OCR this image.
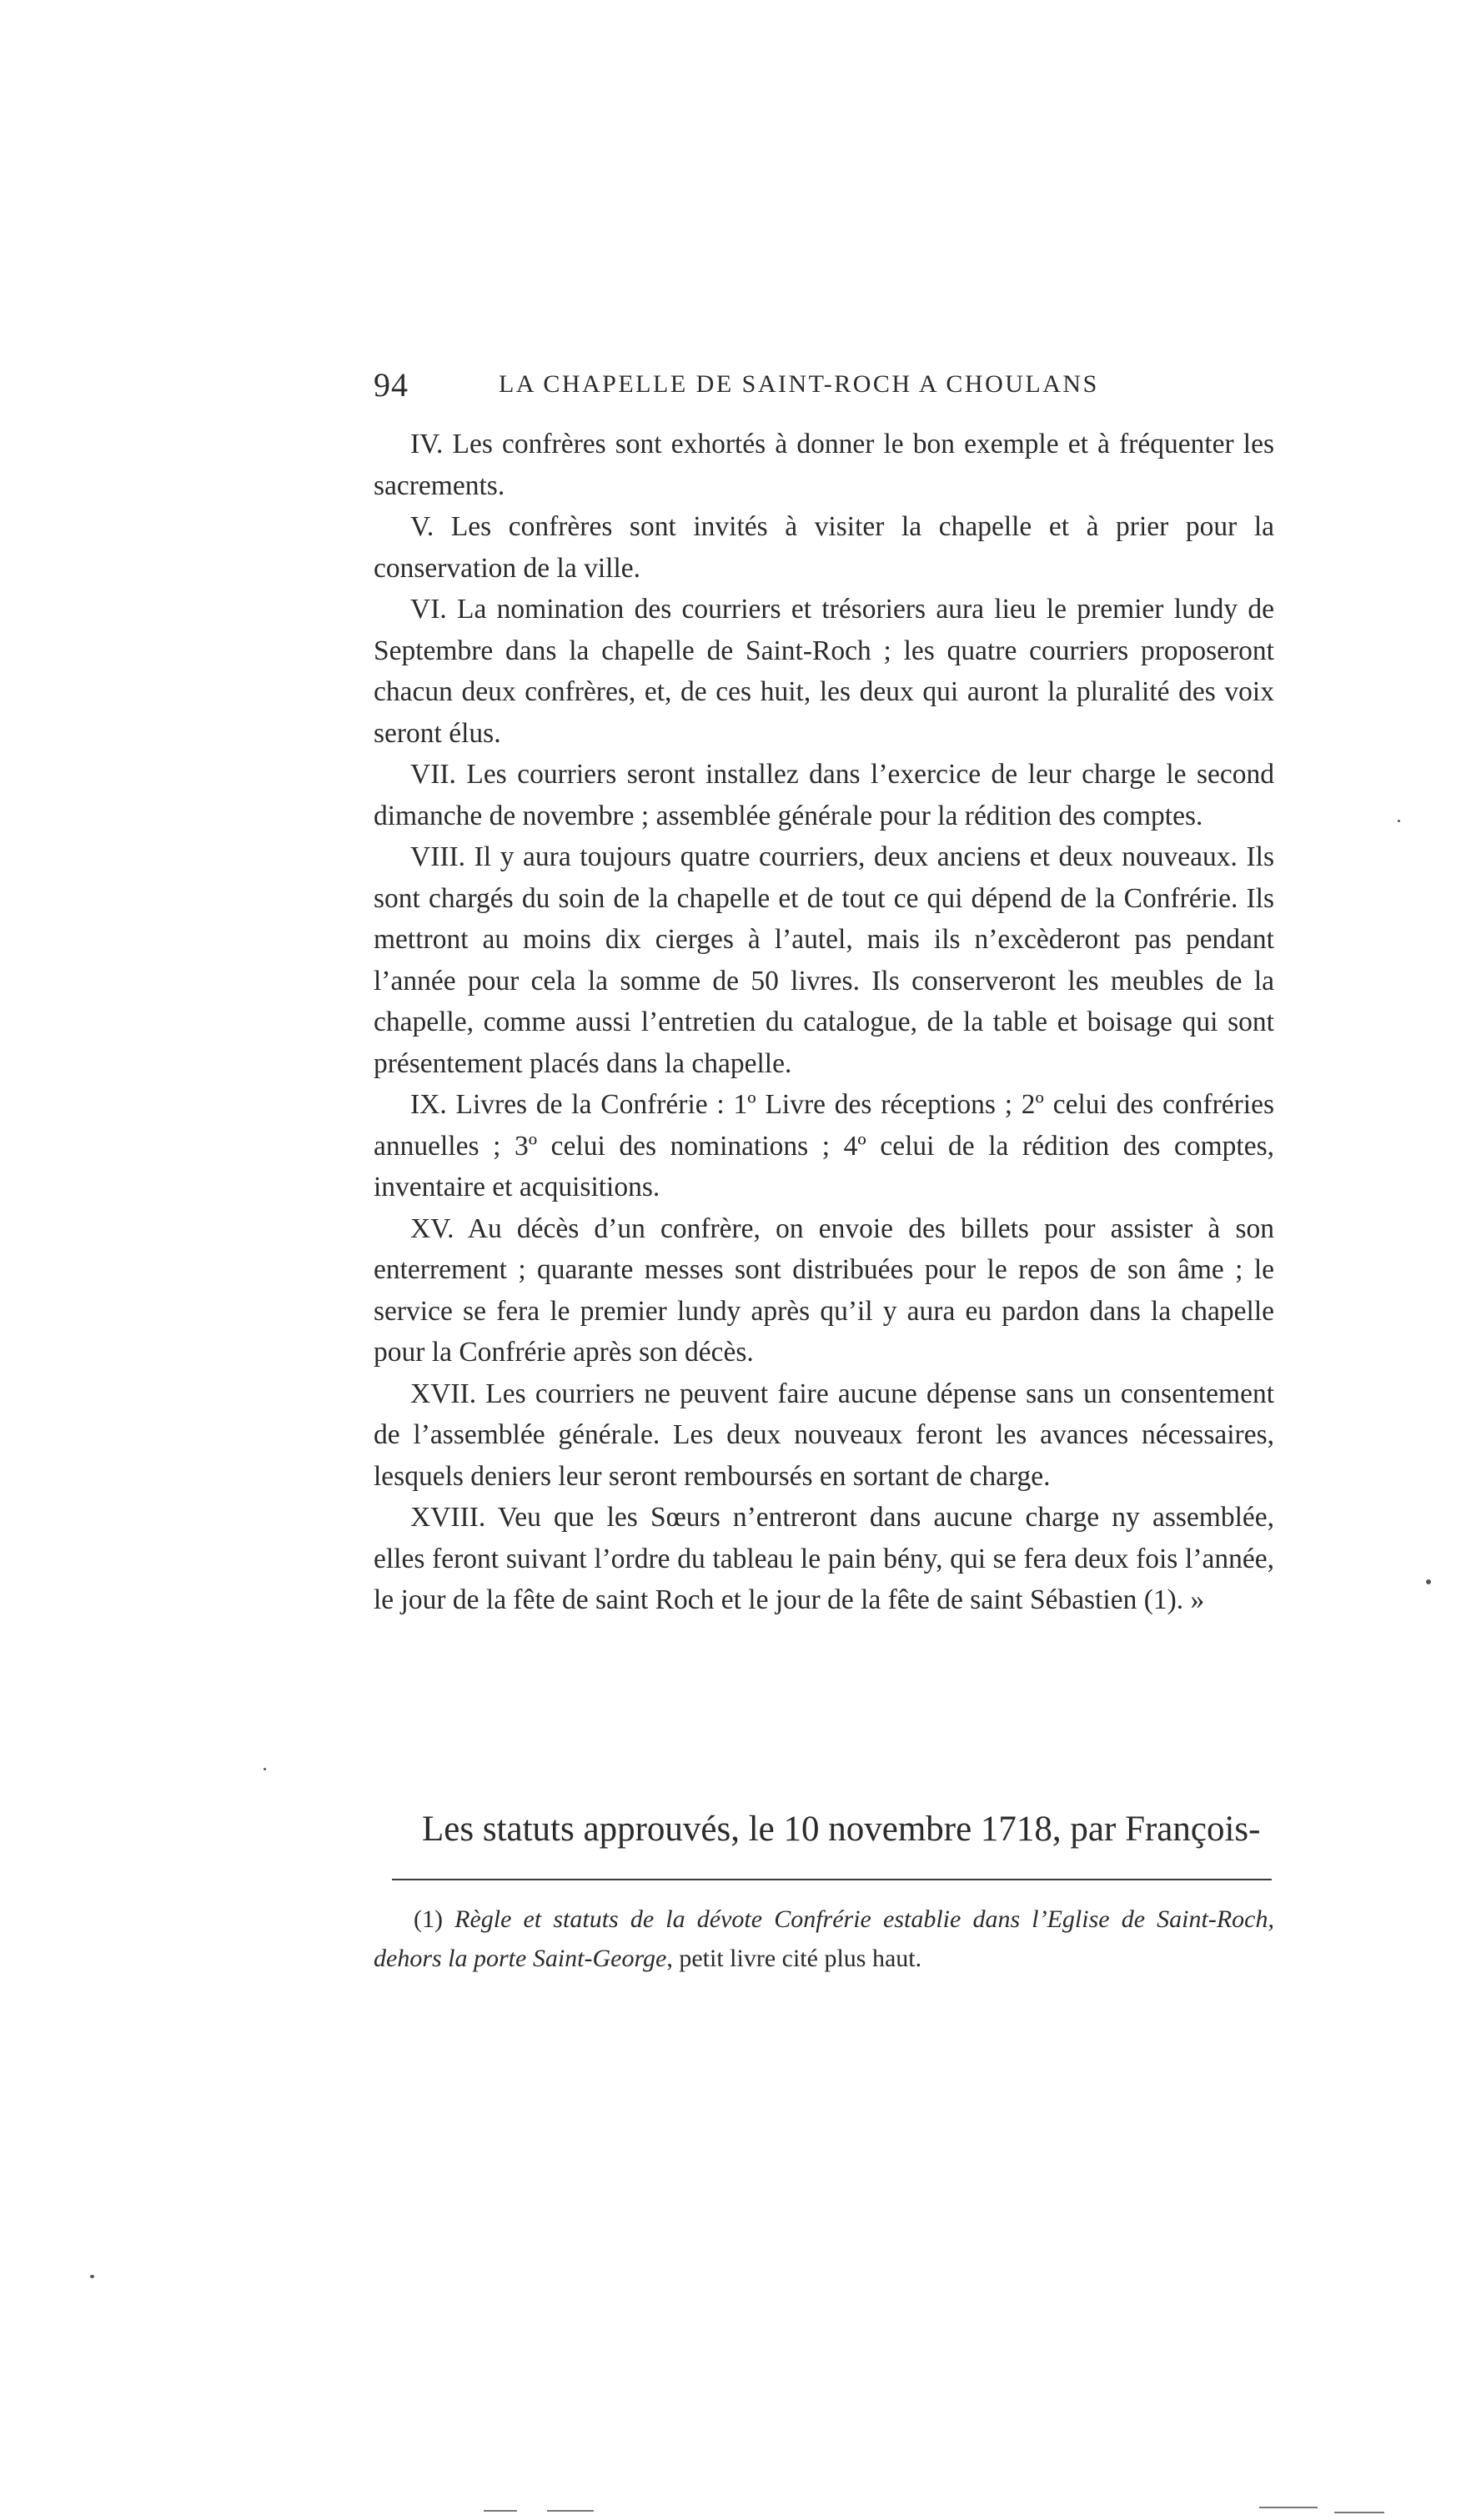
94	LA CHAPELLE DE SAINT-ROCH A CHOULANS

IV. Les confrères sont exhortés à donner le bon exemple et à fréquenter les sacrements.

V. Les confrères sont invités à visiter la chapelle et à prier pour la conservation de la ville.

VI. La nomination des courriers et trésoriers aura lieu le premier lundy de Septembre dans la chapelle de Saint-Roch ; les quatre courriers proposeront chacun deux confrères, et, de ces huit, les deux qui auront la pluralité des voix seront élus.

VII. Les courriers seront installez dans l’exercice de leur charge le second dimanche de novembre ; assemblée générale pour la rédition des comptes.

VIII. Il y aura toujours quatre courriers, deux anciens et deux nouveaux. Ils sont chargés du soin de la chapelle et de tout ce qui dépend de la Confrérie. Ils mettront au moins dix cierges à l’autel, mais ils n’excèderont pas pendant l’année pour cela la somme de 50 livres. Ils conserveront les meubles de la chapelle, comme aussi l’entretien du catalogue, de la table et boisage qui sont présentement placés dans la chapelle.

IX. Livres de la Confrérie : 1º Livre des réceptions ; 2º celui des confréries annuelles ; 3º celui des nominations ; 4º celui de la rédition des comptes, inventaire et acquisitions.

XV. Au décès d’un confrère, on envoie des billets pour assister à son enterrement ; quarante messes sont distribuées pour le repos de son âme ; le service se fera le premier lundy après qu’il y aura eu pardon dans la chapelle pour la Confrérie après son décès.

XVII. Les courriers ne peuvent faire aucune dépense sans un consentement de l’assemblée générale. Les deux nouveaux feront les avances nécessaires, lesquels deniers leur seront remboursés en sortant de charge.

XVIII. Veu que les Sœurs n’entreront dans aucune charge ny assemblée, elles feront suivant l’ordre du tableau le pain bény, qui se fera deux fois l’année, le jour de la fête de saint Roch et le jour de la fête de saint Sébastien (1). »

Les statuts approuvés, le 10 novembre 1718, par François-
(1) Règle et statuts de la dévote Confrérie establie dans l’Eglise de Saint-Roch, dehors la porte Saint-George, petit livre cité plus haut.
